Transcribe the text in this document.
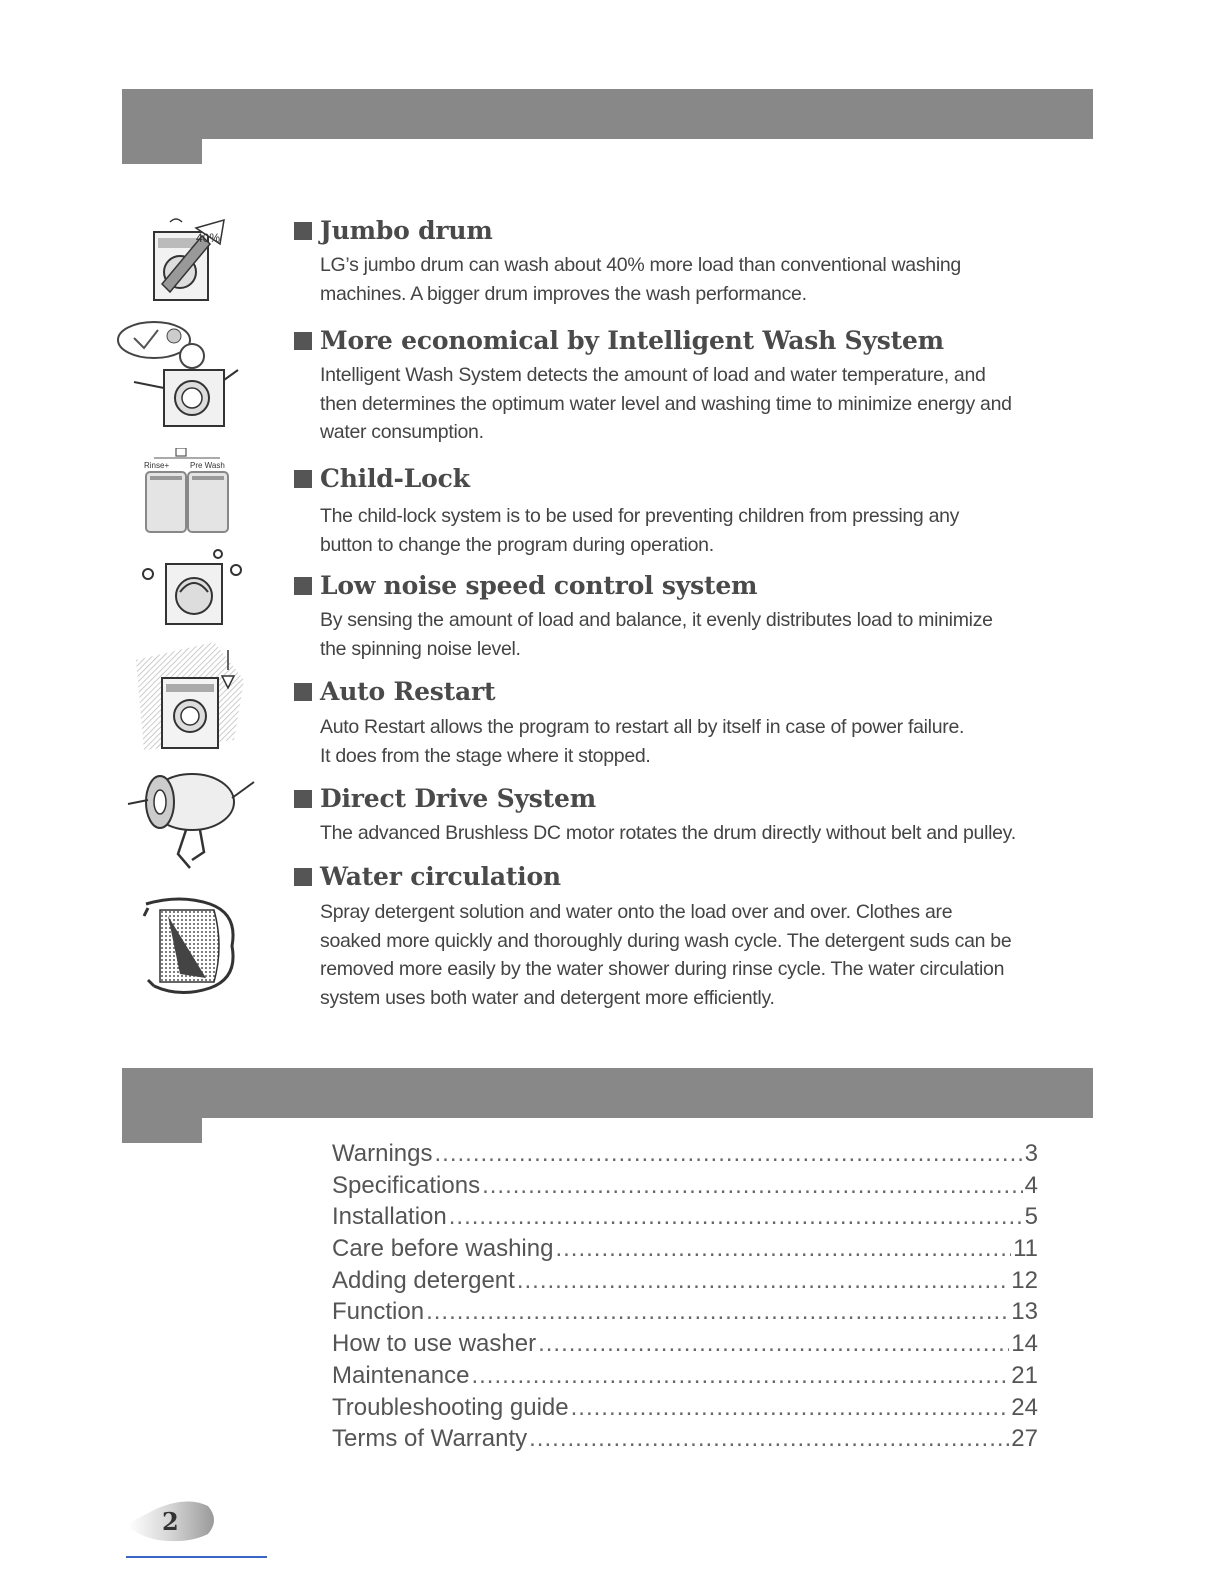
40%
Rinse+	Pre Wash
Jumbo drum
LG’s jumbo drum can wash about 40% more load than conventional washing
machines. A bigger drum improves the wash performance.
More economical by Intelligent Wash System
Intelligent Wash System detects the amount of load and water temperature, and
then determines the optimum water level and washing time to minimize energy and
water consumption.
Child-Lock
The child-lock system is to be used for preventing children from pressing any
button to change the program during operation.
Low noise speed control system
By sensing the amount of load and balance, it evenly distributes load to minimize
the spinning noise level.
Auto Restart
Auto Restart allows the program to restart all by itself in case of power failure.
It does from the stage where it stopped.
Direct Drive System
The advanced Brushless DC motor rotates the drum directly without belt and pulley.
Water circulation
Spray detergent solution and water onto the load over and over. Clothes are
soaked more quickly and thoroughly during wash cycle. The detergent suds can be
removed more easily by the water shower during rinse cycle. The water circulation
system uses both water and detergent more efficiently.
Warnings .....	3
Specifications .....	4
Installation .....	5
Care before washing .....	11
Adding detergent .....	12
Function .....	13
How to use washer .....	14
Maintenance .....	21
Troubleshooting guide .....	24
Terms of Warranty .....	27
2
